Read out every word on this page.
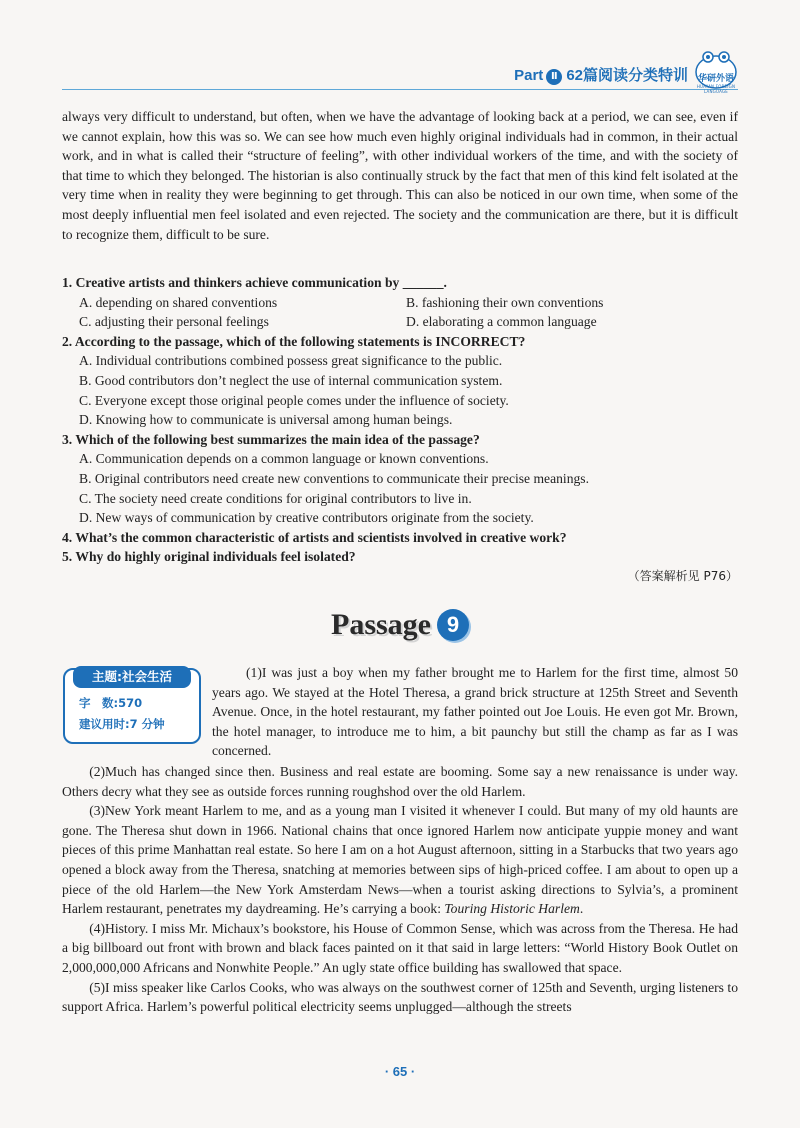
Part Ⅱ 62篇阅读分类特训	华研外语
HUAYAN FOREIGN LANGUAGE

always very difficult to understand, but often, when we have the advantage of looking back at a period, we can see, even if we cannot explain, how this was so. We can see how much even highly original individuals had in common, in their actual work, and in what is called their “structure of feeling”, with other individual workers of the time, and with the society of that time to which they belonged. The historian is also continually struck by the fact that men of this kind felt isolated at the very time when in reality they were beginning to get through. This can also be noticed in our own time, when some of the most deeply influential men feel isolated and even rejected. The society and the communication are there, but it is difficult to recognize them, difficult to be sure.

1. Creative artists and thinkers achieve communication by ______.

A. depending on shared conventions	B. fashioning their own conventions
C. adjusting their personal feelings	D. elaborating a common language

2. According to the passage, which of the following statements is INCORRECT?

A. Individual contributions combined possess great significance to the public.

B. Good contributors don’t neglect the use of internal communication system.

C. Everyone except those original people comes under the influence of society.

D. Knowing how to communicate is universal among human beings.

3. Which of the following best summarizes the main idea of the passage?

A. Communication depends on a common language or known conventions.

B. Original contributors need create new conventions to communicate their precise meanings.

C. The society need create conditions for original contributors to live in.

D. New ways of communication by creative contributors originate from the society.

4. What’s the common characteristic of artists and scientists involved in creative work?

5. Why do highly original individuals feel isolated?

（答案解析见 P76）
Passage 9
主题:社会生活
字　数:570
建议用时:7 分钟
(1)I was just a boy when my father brought me to Harlem for the first time, almost 50 years ago. We stayed at the Hotel Theresa, a grand brick structure at 125th Street and Seventh Avenue. Once, in the hotel restaurant, my father pointed out Joe Louis. He even got Mr. Brown, the hotel manager, to introduce me to him, a bit paunchy but still the champ as far as I was concerned.

(2)Much has changed since then. Business and real estate are booming. Some say a new renaissance is under way. Others decry what they see as outside forces running roughshod over the old Harlem.

(3)New York meant Harlem to me, and as a young man I visited it whenever I could. But many of my old haunts are gone. The Theresa shut down in 1966. National chains that once ignored Harlem now anticipate yuppie money and want pieces of this prime Manhattan real estate. So here I am on a hot August afternoon, sitting in a Starbucks that two years ago opened a block away from the Theresa, snatching at memories between sips of high-priced coffee. I am about to open up a piece of the old Harlem—the New York Amsterdam News—when a tourist asking directions to Sylvia’s, a prominent Harlem restaurant, penetrates my daydreaming. He’s carrying a book: Touring Historic Harlem.

(4)History. I miss Mr. Michaux’s bookstore, his House of Common Sense, which was across from the Theresa. He had a big billboard out front with brown and black faces painted on it that said in large letters: “World History Book Outlet on 2,000,000,000 Africans and Nonwhite People.” An ugly state office building has swallowed that space.

(5)I miss speaker like Carlos Cooks, who was always on the southwest corner of 125th and Seventh, urging listeners to support Africa. Harlem’s powerful political electricity seems unplugged—although the streets

· 65 ·
